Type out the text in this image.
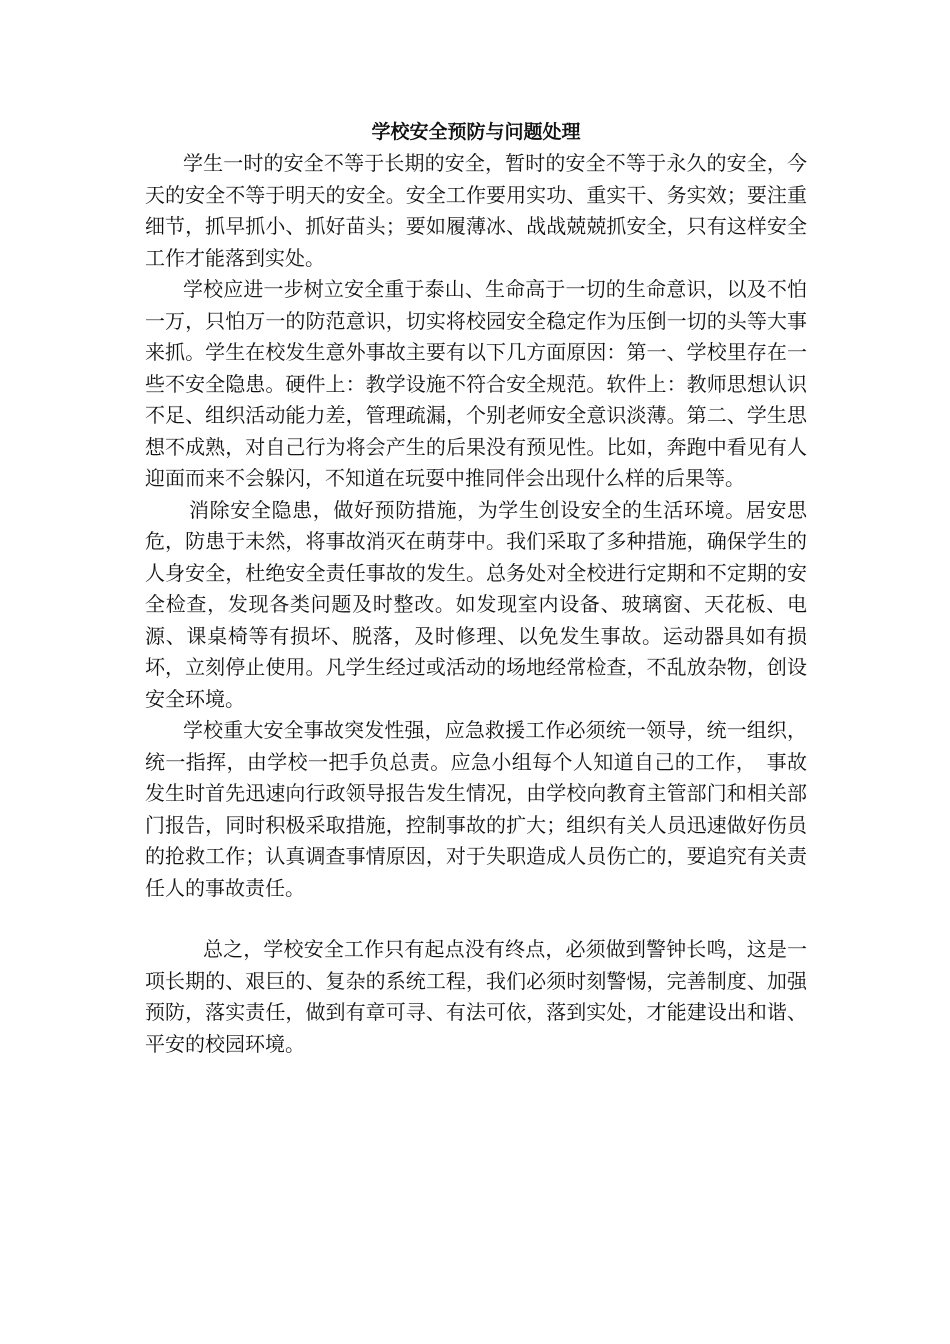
学校安全预防与问题处理

学生一时的安全不等于长期的安全，暂时的安全不等于永久的安全，今天的安全不等于明天的安全。安全工作要用实功、重实干、务实效；要注重细节，抓早抓小、抓好苗头；要如履薄冰、战战兢兢抓安全，只有这样安全工作才能落到实处。

学校应进一步树立安全重于泰山、生命高于一切的生命意识，以及不怕一万，只怕万一的防范意识，切实将校园安全稳定作为压倒一切的头等大事来抓。学生在校发生意外事故主要有以下几方面原因：第一、学校里存在一些不安全隐患。硬件上：教学设施不符合安全规范。软件上：教师思想认识不足、组织活动能力差，管理疏漏，个别老师安全意识淡薄。第二、学生思想不成熟，对自己行为将会产生的后果没有预见性。比如，奔跑中看见有人迎面而来不会躲闪，不知道在玩耍中推同伴会出现什么样的后果等。

消除安全隐患，做好预防措施，为学生创设安全的生活环境。居安思危，防患于未然，将事故消灭在萌芽中。我们采取了多种措施，确保学生的人身安全，杜绝安全责任事故的发生。总务处对全校进行定期和不定期的安全检查，发现各类问题及时整改。如发现室内设备、玻璃窗、天花板、电源、课桌椅等有损坏、脱落，及时修理、以免发生事故。运动器具如有损坏，立刻停止使用。凡学生经过或活动的场地经常检查，不乱放杂物，创设安全环境。

学校重大安全事故突发性强，应急救援工作必须统一领导，统一组织，统一指挥，由学校一把手负总责。应急小组每个人知道自己的工作，　事故发生时首先迅速向行政领导报告发生情况，由学校向教育主管部门和相关部门报告，同时积极采取措施，控制事故的扩大；组织有关人员迅速做好伤员的抢救工作；认真调查事情原因，对于失职造成人员伤亡的，要追究有关责任人的事故责任。

总之，学校安全工作只有起点没有终点，必须做到警钟长鸣，这是一项长期的、艰巨的、复杂的系统工程，我们必须时刻警惕，完善制度、加强预防，落实责任，做到有章可寻、有法可依，落到实处，才能建设出和谐、平安的校园环境。
